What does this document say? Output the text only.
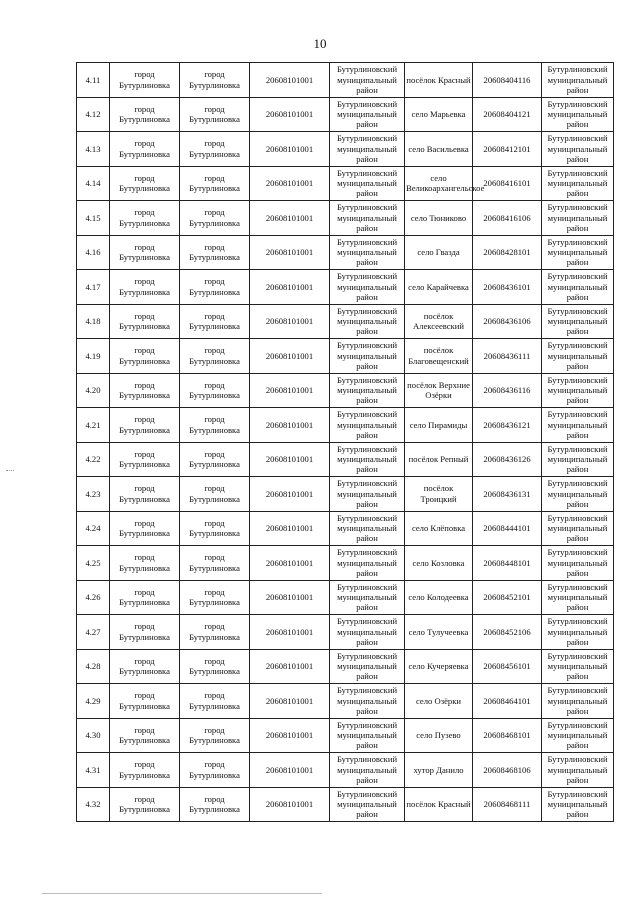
10
4.11	город Бутурлиновка	город Бутурлиновка	20608101001	Бутурлиновский муниципальный район	посёлок Красный	20608404116	Бутурлиновский муниципальный район
4.12	город Бутурлиновка	город Бутурлиновка	20608101001	Бутурлиновский муниципальный район	село Марьевка	20608404121	Бутурлиновский муниципальный район
4.13	город Бутурлиновка	город Бутурлиновка	20608101001	Бутурлиновский муниципальный район	село Васильевка	20608412101	Бутурлиновский муниципальный район
4.14	город Бутурлиновка	город Бутурлиновка	20608101001	Бутурлиновский муниципальный район	село Великоархангельское	20608416101	Бутурлиновский муниципальный район
4.15	город Бутурлиновка	город Бутурлиновка	20608101001	Бутурлиновский муниципальный район	село Тюниково	20608416106	Бутурлиновский муниципальный район
4.16	город Бутурлиновка	город Бутурлиновка	20608101001	Бутурлиновский муниципальный район	село Гвазда	20608428101	Бутурлиновский муниципальный район
4.17	город Бутурлиновка	город Бутурлиновка	20608101001	Бутурлиновский муниципальный район	село Карайчевка	20608436101	Бутурлиновский муниципальный район
4.18	город Бутурлиновка	город Бутурлиновка	20608101001	Бутурлиновский муниципальный район	посёлок Алексеевский	20608436106	Бутурлиновский муниципальный район
4.19	город Бутурлиновка	город Бутурлиновка	20608101001	Бутурлиновский муниципальный район	посёлок Благовещенский	20608436111	Бутурлиновский муниципальный район
4.20	город Бутурлиновка	город Бутурлиновка	20608101001	Бутурлиновский муниципальный район	посёлок Верхние Озёрки	20608436116	Бутурлиновский муниципальный район
4.21	город Бутурлиновка	город Бутурлиновка	20608101001	Бутурлиновский муниципальный район	село Пирамиды	20608436121	Бутурлиновский муниципальный район
4.22	город Бутурлиновка	город Бутурлиновка	20608101001	Бутурлиновский муниципальный район	посёлок Репный	20608436126	Бутурлиновский муниципальный район
4.23	город Бутурлиновка	город Бутурлиновка	20608101001	Бутурлиновский муниципальный район	посёлок Троицкий	20608436131	Бутурлиновский муниципальный район
4.24	город Бутурлиновка	город Бутурлиновка	20608101001	Бутурлиновский муниципальный район	село Клёповка	20608444101	Бутурлиновский муниципальный район
4.25	город Бутурлиновка	город Бутурлиновка	20608101001	Бутурлиновский муниципальный район	село Козловка	20608448101	Бутурлиновский муниципальный район
4.26	город Бутурлиновка	город Бутурлиновка	20608101001	Бутурлиновский муниципальный район	село Колодеевка	20608452101	Бутурлиновский муниципальный район
4.27	город Бутурлиновка	город Бутурлиновка	20608101001	Бутурлиновский муниципальный район	село Тулучеевка	20608452106	Бутурлиновский муниципальный район
4.28	город Бутурлиновка	город Бутурлиновка	20608101001	Бутурлиновский муниципальный район	село Кучеряевка	20608456101	Бутурлиновский муниципальный район
4.29	город Бутурлиновка	город Бутурлиновка	20608101001	Бутурлиновский муниципальный район	село Озёрки	20608464101	Бутурлиновский муниципальный район
4.30	город Бутурлиновка	город Бутурлиновка	20608101001	Бутурлиновский муниципальный район	село Пузево	20608468101	Бутурлиновский муниципальный район
4.31	город Бутурлиновка	город Бутурлиновка	20608101001	Бутурлиновский муниципальный район	хутор Данило	20608468106	Бутурлиновский муниципальный район
4.32	город Бутурлиновка	город Бутурлиновка	20608101001	Бутурлиновский муниципальный район	посёлок Красный	20608468111	Бутурлиновский муниципальный район
